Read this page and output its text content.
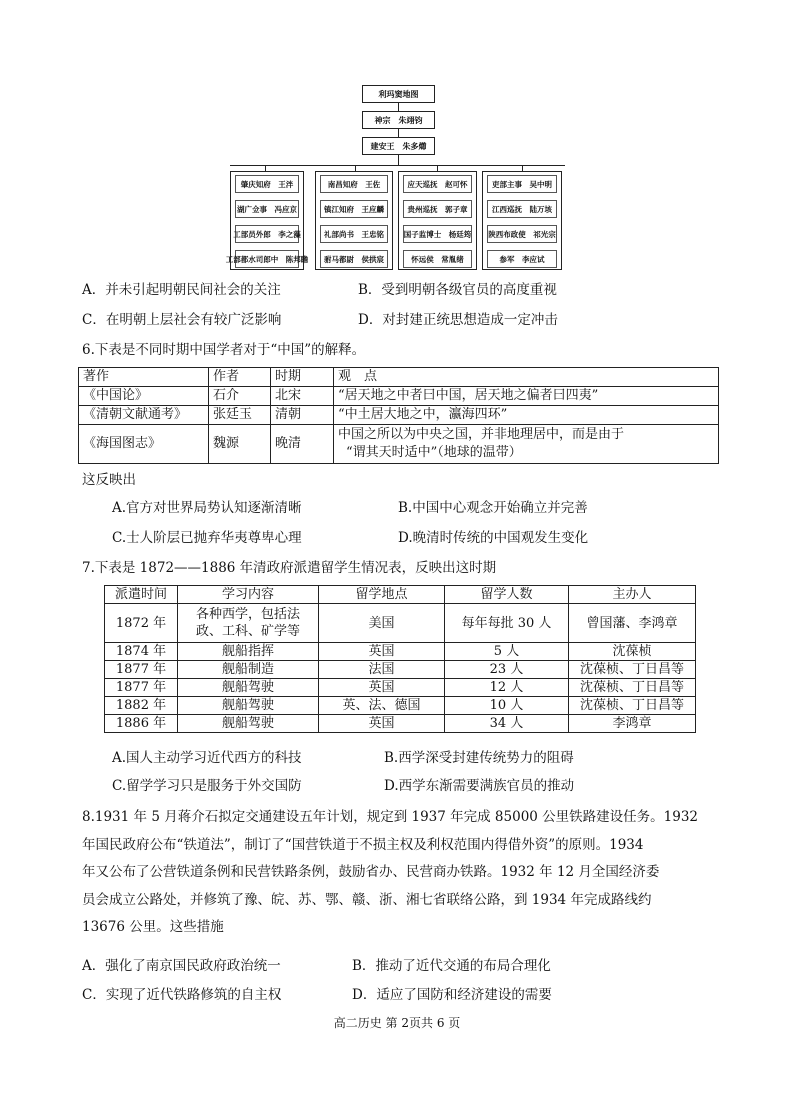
利玛窦地图
神宗　朱翊钧
建安王　朱多㸅
肇庆知府　王泮
湖广佥事　冯应京
工部员外郎　李之藻
工部都水司郎中　陈邦瞻
南昌知府　王佐
镇江知府　王应麟
礼部尚书　王忠铭
驸马都尉　侯拱宸
应天巡抚　赵可怀
贵州巡抚　郭子章
国子监博士　杨廷筠
怀远侯　常胤绪
吏部主事　吴中明
江西巡抚　陆万垓
陕西布政使　祁光宗
参军　李应试
A．并未引起明朝民间社会的关注	B．受到明朝各级官员的高度重视
C．在明朝上层社会有较广泛影响	D．对封建正统思想造成一定冲击
6.下表是不同时期中国学者对于“中国”的解释。
著作	作者	时期	观　点
《中国论》	石介	北宋	“居天地之中者曰中国，居天地之偏者曰四夷”
《清朝文献通考》	张廷玉	清朝	“中土居大地之中，瀛海四环”
《海国图志》	魏源	晚清	中国之所以为中央之国，并非地理居中，而是由于
“谓其天时适中”（地球的温带）
这反映出
A.官方对世界局势认知逐渐清晰	B.中国中心观念开始确立并完善
C.士人阶层已抛弃华夷尊卑心理	D.晚清时传统的中国观发生变化
7.下表是 1872——1886 年清政府派遣留学生情况表，反映出这时期
派遣时间	学习内容	留学地点	留学人数	主办人
1872 年	各种西学，包括法
政、工科、矿学等	美国	每年每批 30 人	曾国藩、李鸿章
1874 年	舰船指挥	英国	5 人	沈葆桢
1877 年	舰船制造	法国	23 人	沈葆桢、丁日昌等
1877 年	舰船驾驶	英国	12 人	沈葆桢、丁日昌等
1882 年	舰船驾驶	英、法、德国	10 人	沈葆桢、丁日昌等
1886 年	舰船驾驶	英国	34 人	李鸿章
A.国人主动学习近代西方的科技	B.西学深受封建传统势力的阻碍
C.留学学习只是服务于外交国防	D.西学东渐需要满族官员的推动
8.1931 年 5 月蒋介石拟定交通建设五年计划，规定到 1937 年完成 85000 公里铁路建设任务。1932
年国民政府公布“铁道法”，制订了“国营铁道于不损主权及利权范围内得借外资”的原则。1934
年又公布了公营铁道条例和民营铁路条例，鼓励省办、民营商办铁路。1932 年 12 月全国经济委
员会成立公路处，并修筑了豫、皖、苏、鄂、赣、浙、湘七省联络公路，到 1934 年完成路线约
13676 公里。这些措施
A．强化了南京国民政府政治统一	B．推动了近代交通的布局合理化
C．实现了近代铁路修筑的自主权	D．适应了国防和经济建设的需要
高二历史 第 2页共 6 页
